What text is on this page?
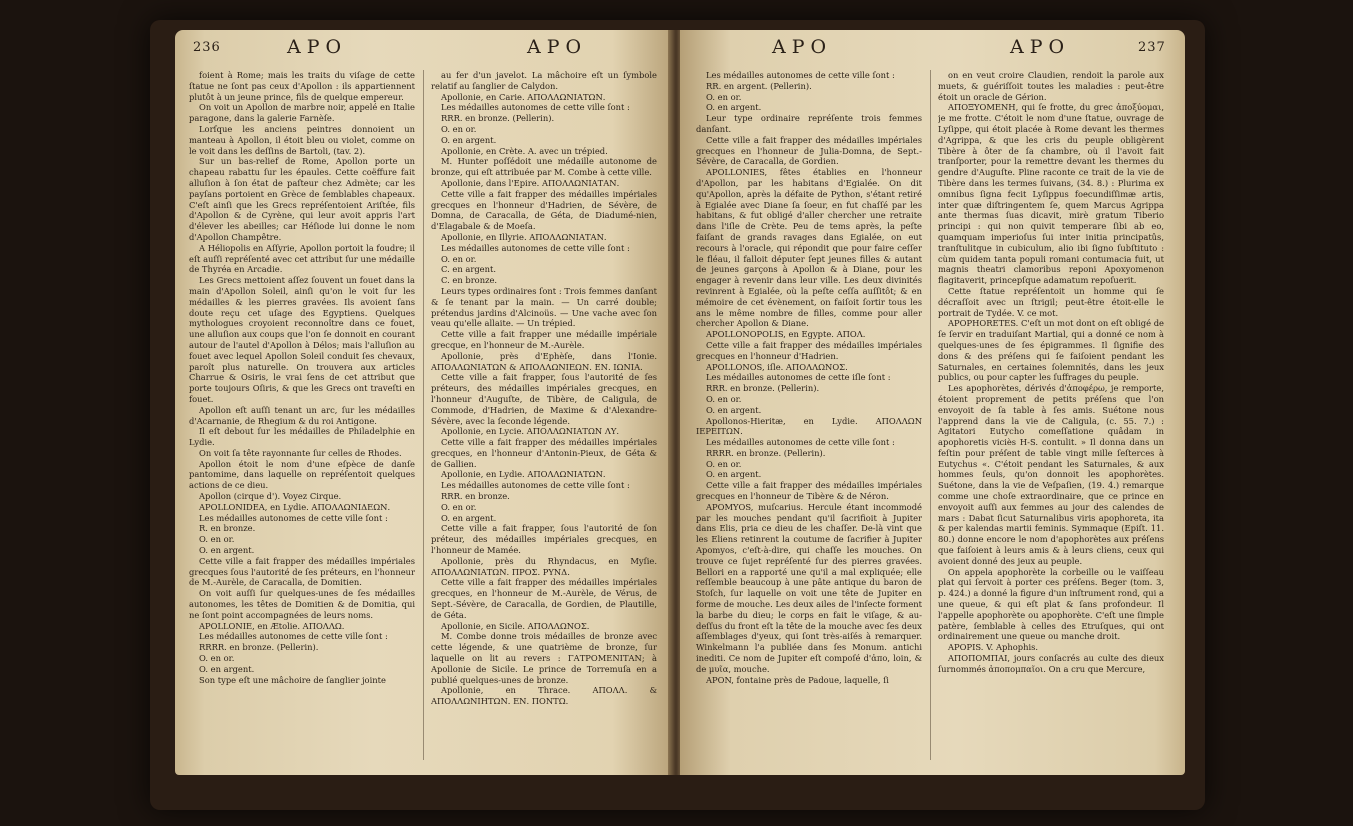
236	APO	APO

foient à Rome; mais les traits du viſage de cette ſtatue ne ſont pas ceux d'Apollon : ils appartiennent plutôt à un jeune prince, fils de quelque empereur.

On voit un Apollon de marbre noir, appelé en Italie paragone, dans la galerie Farnèſe.

Lorſque les anciens peintres donnoient un manteau à Apollon, il étoit bleu ou violet, comme on le voit dans les deſſins de Bartoli, (tav. 2).

Sur un bas-relief de Rome, Apollon porte un chapeau rabattu ſur les épaules. Cette coëffure fait alluſion à ſon état de paſteur chez Admète; car les payſans portoient en Grèce de ſemblables chapeaux. C'eſt ainſi que les Grecs repréſentoient Ariſtée, fils d'Apollon & de Cyrène, qui leur avoit appris l'art d'élever les abeilles; car Héſiode lui donne le nom d'Apollon Champêtre.

A Héliopolis en Aſſyrie, Apollon portoit la foudre; il eſt auſſi repréſenté avec cet attribut ſur une médaille de Thyréa en Arcadie.

Les Grecs mettoient aſſez ſouvent un fouet dans la main d'Apollon Soleil, ainſi qu'on le voit ſur les médailles & les pierres gravées. Ils avoient ſans doute reçu cet uſage des Egyptiens. Quelques mythologues croyoient reconnoître dans ce fouet, une alluſion aux coups que l'on ſe donnoit en courant autour de l'autel d'Apollon à Délos; mais l'alluſion au fouet avec lequel Apollon Soleil conduit ſes chevaux, paroît plus naturelle. On trouvera aux articles Charrue & Osiris, le vrai ſens de cet attribut que porte toujours Oſiris, & que les Grecs ont traveſti en fouet.

Apollon eſt auſſi tenant un arc, ſur les médailles d'Acarnanie, de Rhegium & du roi Antigone.

Il eſt debout ſur les médailles de Philadelphie en Lydie.

On voit ſa tête rayonnante ſur celles de Rhodes.

Apollon étoit le nom d'une eſpèce de danſe pantomime, dans laquelle on repréſentoit quelques actions de ce dieu.

Apollon (cirque d'). Voyez Cirque.

APOLLONIDEA, en Lydie. ΑΠΟΛΛΩΝΙΔΕΩΝ.

Les médailles autonomes de cette ville ſont :

R. en bronze.

O. en or.

O. en argent.

Cette ville a fait frapper des médailles impériales grecques ſous l'autorité de ſes préteurs, en l'honneur de M.-Aurèle, de Caracalla, de Domitien.

On voit auſſi ſur quelques-unes de ſes médailles autonomes, les têtes de Domitien & de Domitia, qui ne ſont point accompagnées de leurs noms.

APOLLONIE, en Ætolie. ΑΠΟΛΛΩ.

Les médailles autonomes de cette ville ſont :

RRRR. en bronze. (Pellerin).

O. en or.

O. en argent.

Son type eſt une mâchoire de ſanglier jointe

au fer d'un javelot. La mâchoire eſt un ſymbole relatif au ſanglier de Calydon.

Apollonie, en Carie. ΑΠΟΛΛΩΝΙΑΤΩΝ.

Les médailles autonomes de cette ville ſont :

RRR. en bronze. (Pellerin).

O. en or.

O. en argent.

Apollonie, en Crète. A. avec un trépied.

M. Hunter poſſédoit une médaille autonome de bronze, qui eſt attribuée par M. Combe à cette ville.

Apollonie, dans l'Epire. ΑΠΟΛΛΩΝΙΑΤΑΝ.

Cette ville a fait frapper des médailles impériales grecques en l'honneur d'Hadrien, de Sévère, de Domna, de Caracalla, de Géta, de Diadumé-nien, d'Elagabale & de Moeſa.

Apollonie, en Illyrie. ΑΠΟΛΛΩΝΙΑΤΑΝ.

Les médailles autonomes de cette ville ſont :

O. en or.

C. en argent.

C. en bronze.

Leurs types ordinaires ſont : Trois femmes danſant & ſe tenant par la main. — Un carré double; prétendus jardins d'Alcinoüs. — Une vache avec ſon veau qu'elle allaite. — Un trépied.

Cette ville a fait frapper une médaille impériale grecque, en l'honneur de M.-Aurèle.

Apollonie, près d'Ephèſe, dans l'Ionie. ΑΠΟΛΛΩΝΙΑΤΩΝ & ΑΠΟΛΛΩΝΙΕΩΝ. ΕΝ. ΙΩΝΙΑ.

Cette ville a fait frapper, ſous l'autorité de ſes préteurs, des médailles impériales grecques, en l'honneur d'Auguſte, de Tibère, de Caligula, de Commode, d'Hadrien, de Maxime & d'Alexandre-Sévère, avec la ſeconde légende.

Apollonie, en Lycie. ΑΠΟΛΛΩΝΙΑΤΩΝ ΛΥ.

Cette ville a fait frapper des médailles impériales grecques, en l'honneur d'Antonin-Pieux, de Géta & de Gallien.

Apollonie, en Lydie. ΑΠΟΛΛΩΝΙΑΤΩΝ.

Les médailles autonomes de cette ville ſont :

RRR. en bronze.

O. en or.

O. en argent.

Cette ville a fait frapper, ſous l'autorité de ſon préteur, des médailles impériales grecques, en l'honneur de Mamée.

Apollonie, près du Rhyndacus, en Myſie. ΑΠΟΛΛΩΝΙΑΤΩΝ. ΠΡΟΣ. ΡΥΝΔ.

Cette ville a fait frapper des médailles impériales grecques, en l'honneur de M.-Aurèle, de Vérus, de Sept.-Sévère, de Caracalla, de Gordien, de Plautille, de Géta.

Apollonie, en Sicile. ΑΠΟΛΛΩΝΟΣ.

M. Combe donne trois médailles de bronze avec cette légende, & une quatrième de bronze, ſur laquelle on lit au revers : ΓΑΤΡΟΜΕΝΙΤΑΝ; à Apollonie de Sicile. Le prince de Torremuſa en a publié quelques-unes de bronze.

Apollonie, en Thrace. ΑΠΟΛΛ. & ΑΠΟΛΛΩΝΙΗΤΩΝ. ΕΝ. ΠΟΝΤΩ.

APO	APO	237

Les médailles autonomes de cette ville ſont :

RR. en argent. (Pellerin).

O. en or.

O. en argent.

Leur type ordinaire repréſente trois femmes danſant.

Cette ville a fait frapper des médailles impériales grecques en l'honneur de Julia-Domna, de Sept.-Sévère, de Caracalla, de Gordien.

APOLLONIES, fêtes établies en l'honneur d'Apollon, par les habitans d'Egialée. On dit qu'Apollon, après la défaite de Python, s'étant retiré à Egialée avec Diane ſa ſoeur, en fut chaſſé par les habitans, & fut obligé d'aller chercher une retraite dans l'iſle de Crète. Peu de tems après, la peſte faiſant de grands ravages dans Egialée, on eut recours à l'oracle, qui répondit que pour faire ceſſer le fléau, il falloit députer ſept jeunes filles & autant de jeunes garçons à Apollon & à Diane, pour les engager à revenir dans leur ville. Les deux divinités revinrent à Egialée, où la peſte ceſſa auſſitôt; & en mémoire de cet évènement, on faiſoit ſortir tous les ans le même nombre de filles, comme pour aller chercher Apollon & Diane.

APOLLONOPOLIS, en Egypte. ΑΠΟΛ.

Cette ville a fait frapper des médailles impériales grecques en l'honneur d'Hadrien.

APOLLONOS, iſle. ΑΠΟΛΛΩΝΟΣ.

Les médailles autonomes de cette iſle ſont :

RRR. en bronze. (Pellerin).

O. en or.

O. en argent.

Apollonos-Hieritæ, en Lydie. ΑΠΟΛΛΩΝ ΙΕΡΕΙΤΩΝ.

Les médailles autonomes de cette ville ſont :

RRRR. en bronze. (Pellerin).

O. en or.

O. en argent.

Cette ville a fait frapper des médailles impériales grecques en l'honneur de Tibère & de Néron.

APOMYOS, muſcarius. Hercule étant incommodé par les mouches pendant qu'il ſacrifioit à Jupiter dans Elis, pria ce dieu de les chaſſer. De-là vint que les Eliens retinrent la coutume de ſacrifier à Jupiter Apomyos, c'eſt-à-dire, qui chaſſe les mouches. On trouve ce ſujet repréſenté ſur des pierres gravées. Bellori en a rapporté une qu'il a mal expliquée; elle reſſemble beaucoup à une pâte antique du baron de Stoſch, ſur laquelle on voit une tête de Jupiter en forme de mouche. Les deux ailes de l'inſecte forment la barbe du dieu; le corps en fait le viſage, & au-deſſus du front eſt la tête de la mouche avec ſes deux aſſemblages d'yeux, qui ſont très-aiſés à remarquer. Winkelmann l'a publiée dans ſes Monum. antichi inediti. Ce nom de Jupiter eſt compoſé d'ἀπο, loin, & de μυῖα, mouche.

APON, fontaine près de Padoue, laquelle, ſi

on en veut croire Claudien, rendoit la parole aux muets, & guériſſoit toutes les maladies : peut-être étoit un oracle de Gérion.

ΑΠΟΞΥΟΜΕΝΗ, qui ſe frotte, du grec ἀποξύομαι, je me frotte. C'étoit le nom d'une ſtatue, ouvrage de Lyſippe, qui étoit placée à Rome devant les thermes d'Agrippa, & que les cris du peuple obligèrent Tibère à ôter de ſa chambre, où il l'avoit fait tranſporter, pour la remettre devant les thermes du gendre d'Auguſte. Pline raconte ce trait de la vie de Tibère dans les termes ſuivans, (34. 8.) : Plurima ex omnibus ſigna fecit Lyſippus foecundiſſimæ artis, inter quæ diſtringentem ſe, quem Marcus Agrippa ante thermas ſuas dicavit, mirè gratum Tiberio principi : qui non quivit temperare ſibi ab eo, quamquam imperioſus ſui inter initia principatûs, tranſtulitque in cubiculum, alio ibi ſigno ſubſtituto : cùm quidem tanta populi romani contumacia fuit, ut magnis theatri clamoribus reponi Apoxyomenon flagitaverit, princepſque adamatum repoſuerit.

Cette ſtatue repréſentoit un homme qui ſe décraſſoit avec un ſtrigil; peut-être étoit-elle le portrait de Tydée. V. ce mot.

APOPHORETES. C'eſt un mot dont on eſt obligé de ſe ſervir en traduiſant Martial, qui a donné ce nom à quelques-unes de ſes épigrammes. Il ſignifie des dons & des préſens qui ſe faiſoient pendant les Saturnales, en certaines ſolemnités, dans les jeux publics, ou pour capter les ſuffrages du peuple.

Les apophorètes, dérivés d'ἀποφέρω, je remporte, étoient proprement de petits préſens que l'on envoyoit de ſa table à ſes amis. Suétone nous l'apprend dans la vie de Caligula, (c. 55. 7.) : Agitatori Eutycho comeſſatione quâdam in apophoretis viciès H-S. contulit. » Il donna dans un feſtin pour préſent de table vingt mille ſeſterces à Eutychus «. C'étoit pendant les Saturnales, & aux hommes ſeuls, qu'on donnoit les apophorètes. Suétone, dans la vie de Veſpaſien, (19. 4.) remarque comme une choſe extraordinaire, que ce prince en envoyoit auſſi aux femmes au jour des calendes de mars : Dabat ſicut Saturnalibus viris apophoreta, ita & per kalendas martii feminis. Symmaque (Epiſt. 11. 80.) donne encore le nom d'apophorètes aux préſens que faiſoient à leurs amis & à leurs cliens, ceux qui avoient donné des jeux au peuple.

On appela apophorète la corbeille ou le vaiſſeau plat qui ſervoit à porter ces préſens. Beger (tom. 3, p. 424.) a donné la figure d'un inſtrument rond, qui a une queue, & qui eſt plat & ſans profondeur. Il l'appelle apophorète ou apophorète. C'eſt une ſimple patère, ſemblable à celles des Etruſques, qui ont ordinairement une queue ou manche droit.

APOPIS. V. Aphophis.

ΑΠΟΠΟΜΠΑΙ, jours conſacrés au culte des dieux ſurnommés ἀποπομπαῖοι. On a cru que Mercure,
